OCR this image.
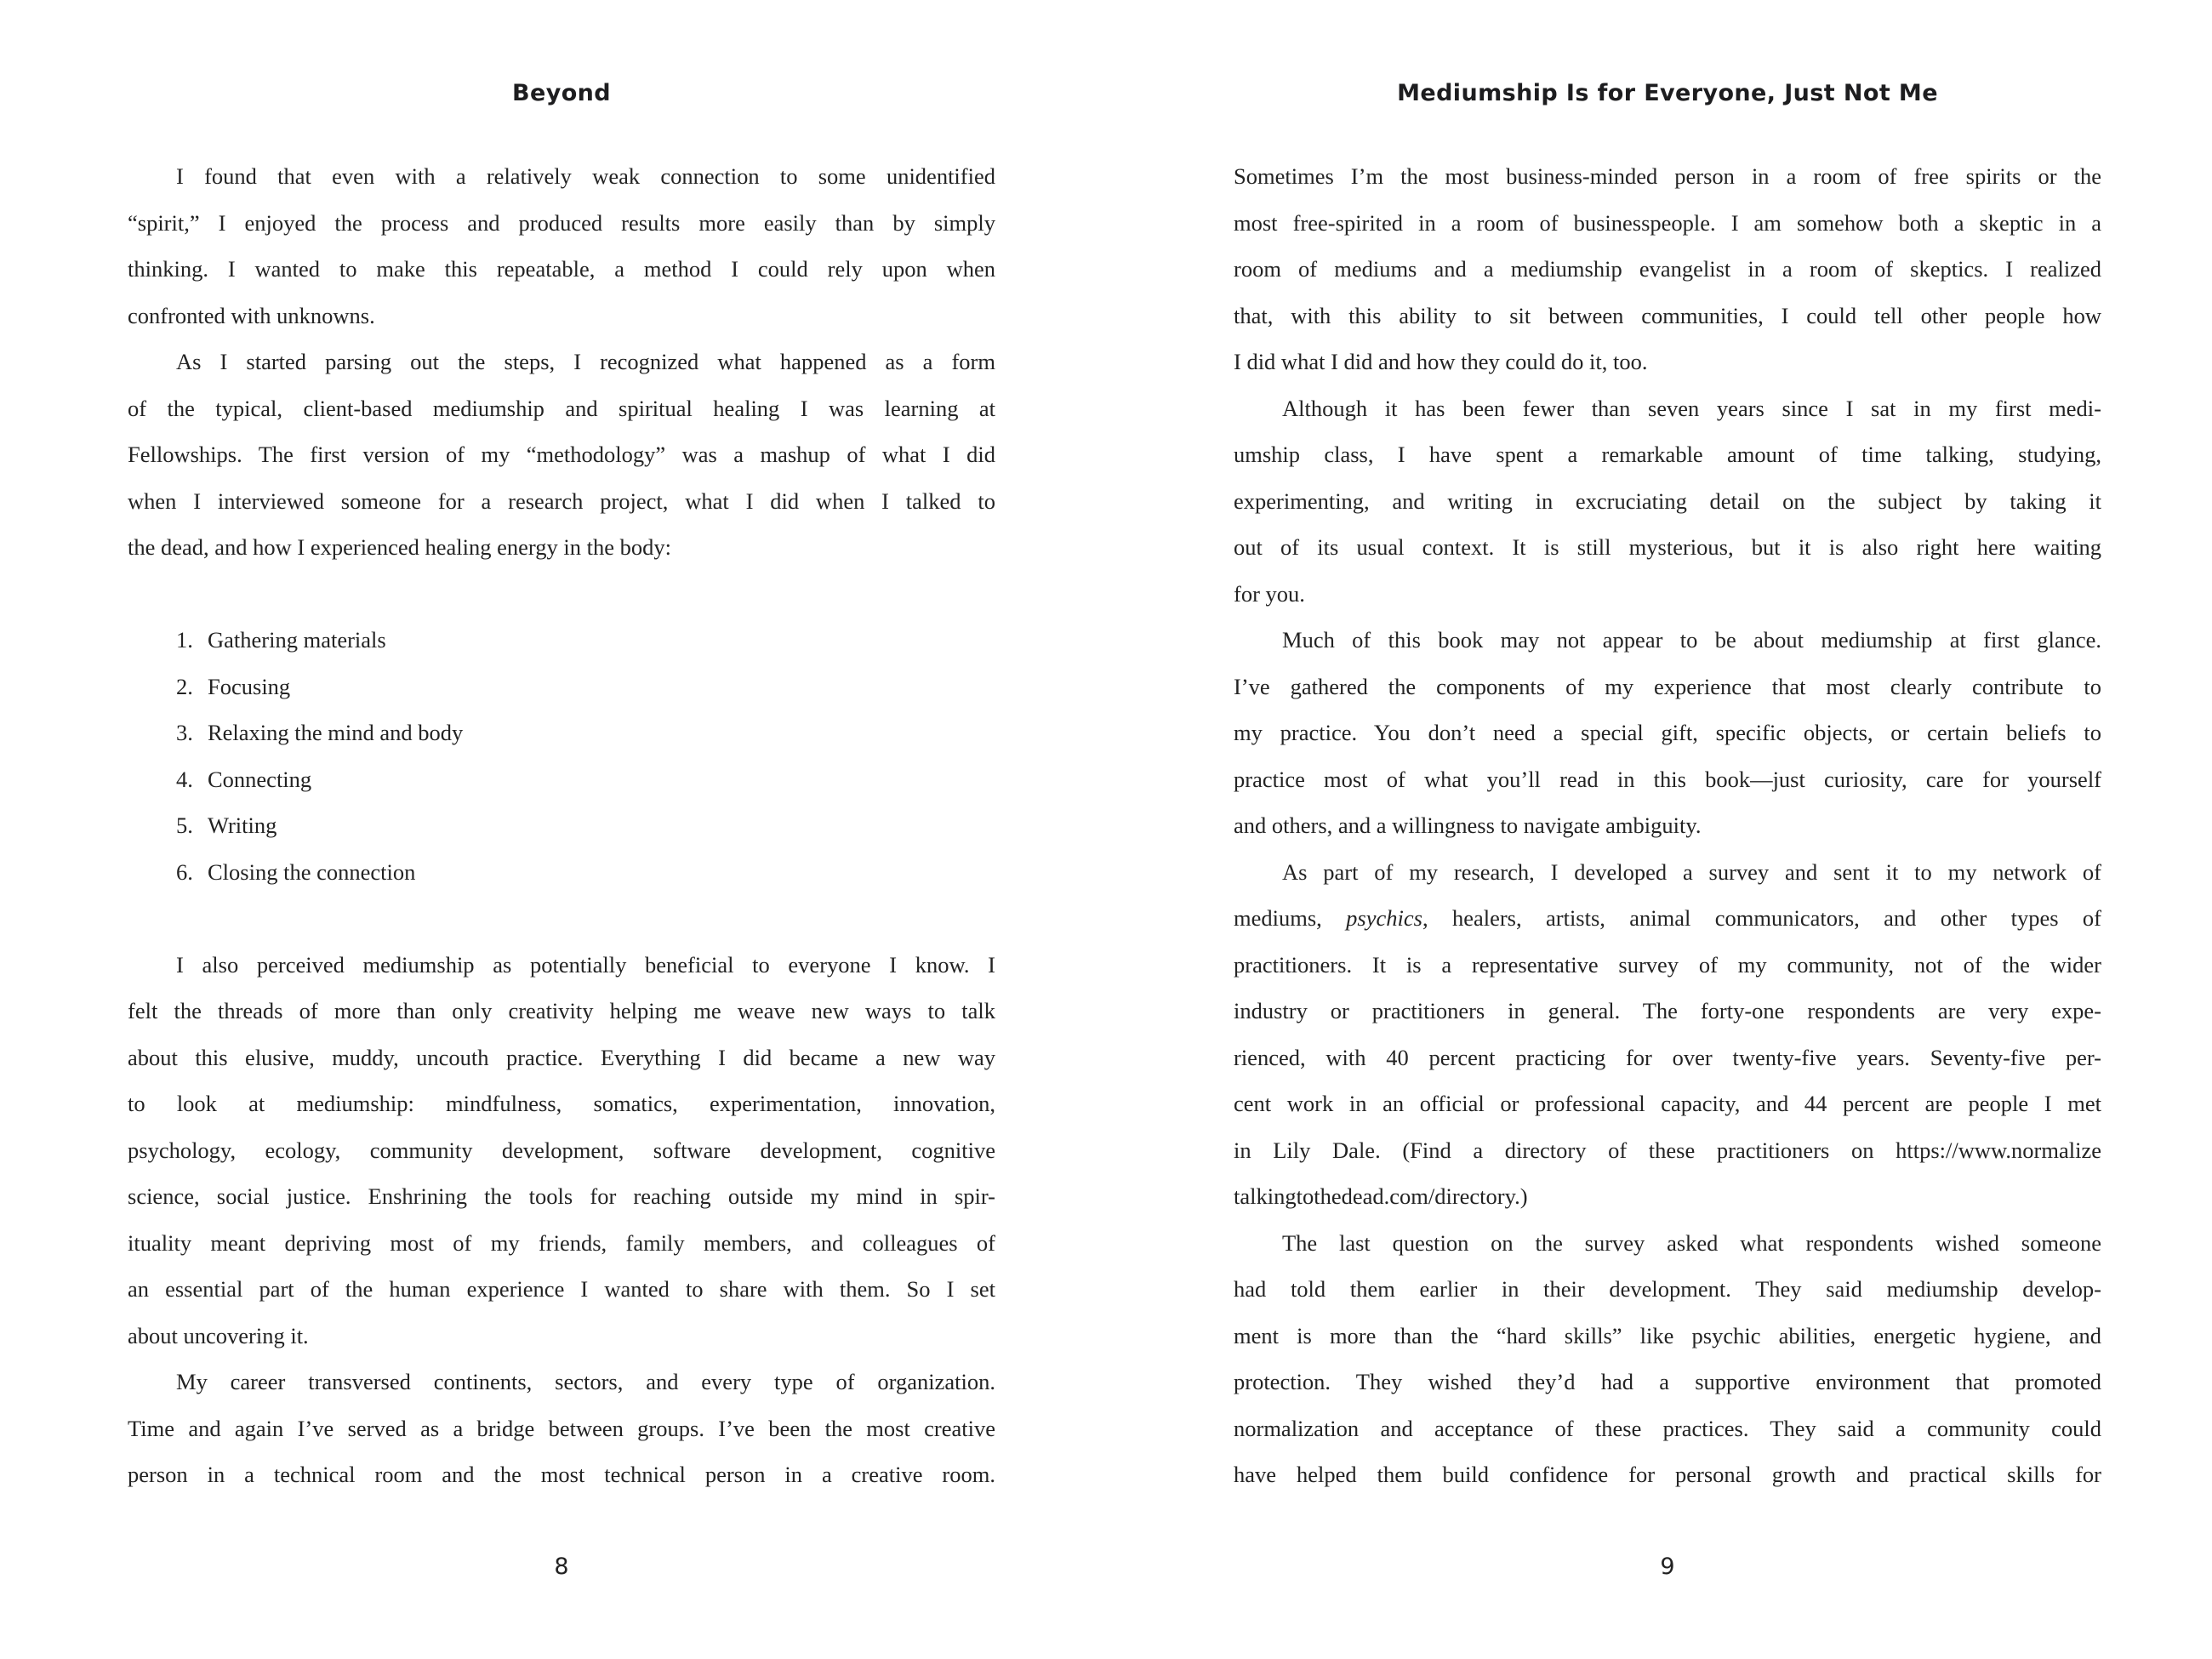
Beyond
I found that even with a relatively weak connection to some unidentified
“spirit,” I enjoyed the process and produced results more easily than by simply
thinking. I wanted to make this repeatable, a method I could rely upon when
confronted with unknowns.
As I started parsing out the steps, I recognized what happened as a form
of the typical, client-based mediumship and spiritual healing I was learning at
Fellowships. The first version of my “methodology” was a mashup of what I did
when I interviewed someone for a research project, what I did when I talked to
the dead, and how I experienced healing energy in the body:
1. Gathering materials
2. Focusing
3. Relaxing the mind and body
4. Connecting
5. Writing
6. Closing the connection
I also perceived mediumship as potentially beneficial to everyone I know. I
felt the threads of more than only creativity helping me weave new ways to talk
about this elusive, muddy, uncouth practice. Everything I did became a new way
to look at mediumship: mindfulness, somatics, experimentation, innovation,
psychology, ecology, community development, software development, cognitive
science, social justice. Enshrining the tools for reaching outside my mind in spir-
ituality meant depriving most of my friends, family members, and colleagues of
an essential part of the human experience I wanted to share with them. So I set
about uncovering it.
My career transversed continents, sectors, and every type of organization.
Time and again I’ve served as a bridge between groups. I’ve been the most creative
person in a technical room and the most technical person in a creative room.
8
Mediumship Is for Everyone, Just Not Me
Sometimes I’m the most business-minded person in a room of free spirits or the
most free-spirited in a room of businesspeople. I am somehow both a skeptic in a
room of mediums and a mediumship evangelist in a room of skeptics. I realized
that, with this ability to sit between communities, I could tell other people how
I did what I did and how they could do it, too.
Although it has been fewer than seven years since I sat in my first medi-
umship class, I have spent a remarkable amount of time talking, studying,
experimenting, and writing in excruciating detail on the subject by taking it
out of its usual context. It is still mysterious, but it is also right here waiting
for you.
Much of this book may not appear to be about mediumship at first glance.
I’ve gathered the components of my experience that most clearly contribute to
my practice. You don’t need a special gift, specific objects, or certain beliefs to
practice most of what you’ll read in this book—just curiosity, care for yourself
and others, and a willingness to navigate ambiguity.
As part of my research, I developed a survey and sent it to my network of
mediums, psychics, healers, artists, animal communicators, and other types of
practitioners. It is a representative survey of my community, not of the wider
industry or practitioners in general. The forty-one respondents are very expe-
rienced, with 40 percent practicing for over twenty-five years. Seventy-five per-
cent work in an official or professional capacity, and 44 percent are people I met
in Lily Dale. (Find a directory of these practitioners on https://www.normalize
talkingtothedead.com/directory.)
The last question on the survey asked what respondents wished someone
had told them earlier in their development. They said mediumship develop-
ment is more than the “hard skills” like psychic abilities, energetic hygiene, and
protection. They wished they’d had a supportive environment that promoted
normalization and acceptance of these practices. They said a community could
have helped them build confidence for personal growth and practical skills for
9
